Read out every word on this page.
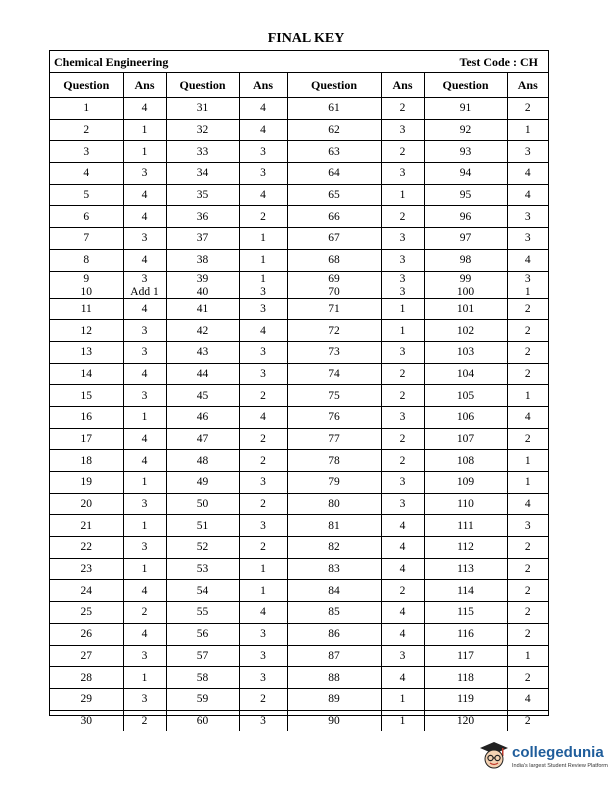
FINAL KEY
Chemical Engineering	Test Code : CH
Question	Ans	Question	Ans	Question	Ans	Question	Ans
1	4	31	4	61	2	91	2
2	1	32	4	62	3	92	1
3	1	33	3	63	2	93	3
4	3	34	3	64	3	94	4
5	4	35	4	65	1	95	4
6	4	36	2	66	2	96	3
7	3	37	1	67	3	97	3
8	4	38	1	68	3	98	4
9	3	39	1	69	3	99	3
10	Add 1	40	3	70	3	100	1
11	4	41	3	71	1	101	2
12	3	42	4	72	1	102	2
13	3	43	3	73	3	103	2
14	4	44	3	74	2	104	2
15	3	45	2	75	2	105	1
16	1	46	4	76	3	106	4
17	4	47	2	77	2	107	2
18	4	48	2	78	2	108	1
19	1	49	3	79	3	109	1
20	3	50	2	80	3	110	4
21	1	51	3	81	4	111	3
22	3	52	2	82	4	112	2
23	1	53	1	83	4	113	2
24	4	54	1	84	2	114	2
25	2	55	4	85	4	115	2
26	4	56	3	86	4	116	2
27	3	57	3	87	3	117	1
28	1	58	3	88	4	118	2
29	3	59	2	89	1	119	4
30	2	60	3	90	1	120	2
collegedunia
India's largest Student Review Platform
